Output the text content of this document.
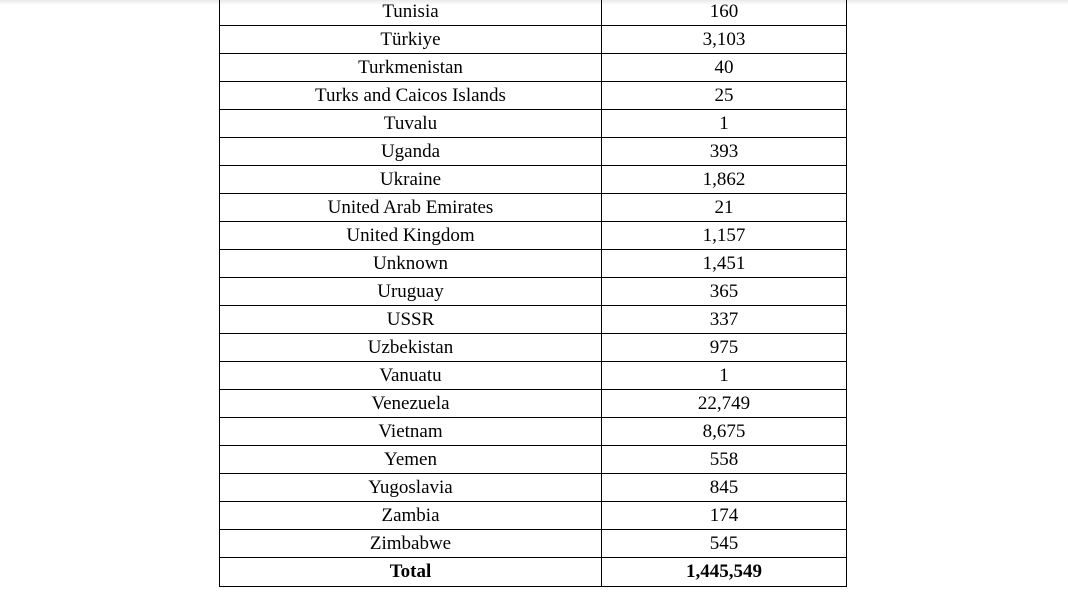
Tunisia	160
Türkiye	3,103
Turkmenistan	40
Turks and Caicos Islands	25
Tuvalu	1
Uganda	393
Ukraine	1,862
United Arab Emirates	21
United Kingdom	1,157
Unknown	1,451
Uruguay	365
USSR	337
Uzbekistan	975
Vanuatu	1
Venezuela	22,749
Vietnam	8,675
Yemen	558
Yugoslavia	845
Zambia	174
Zimbabwe	545
Total	1,445,549
